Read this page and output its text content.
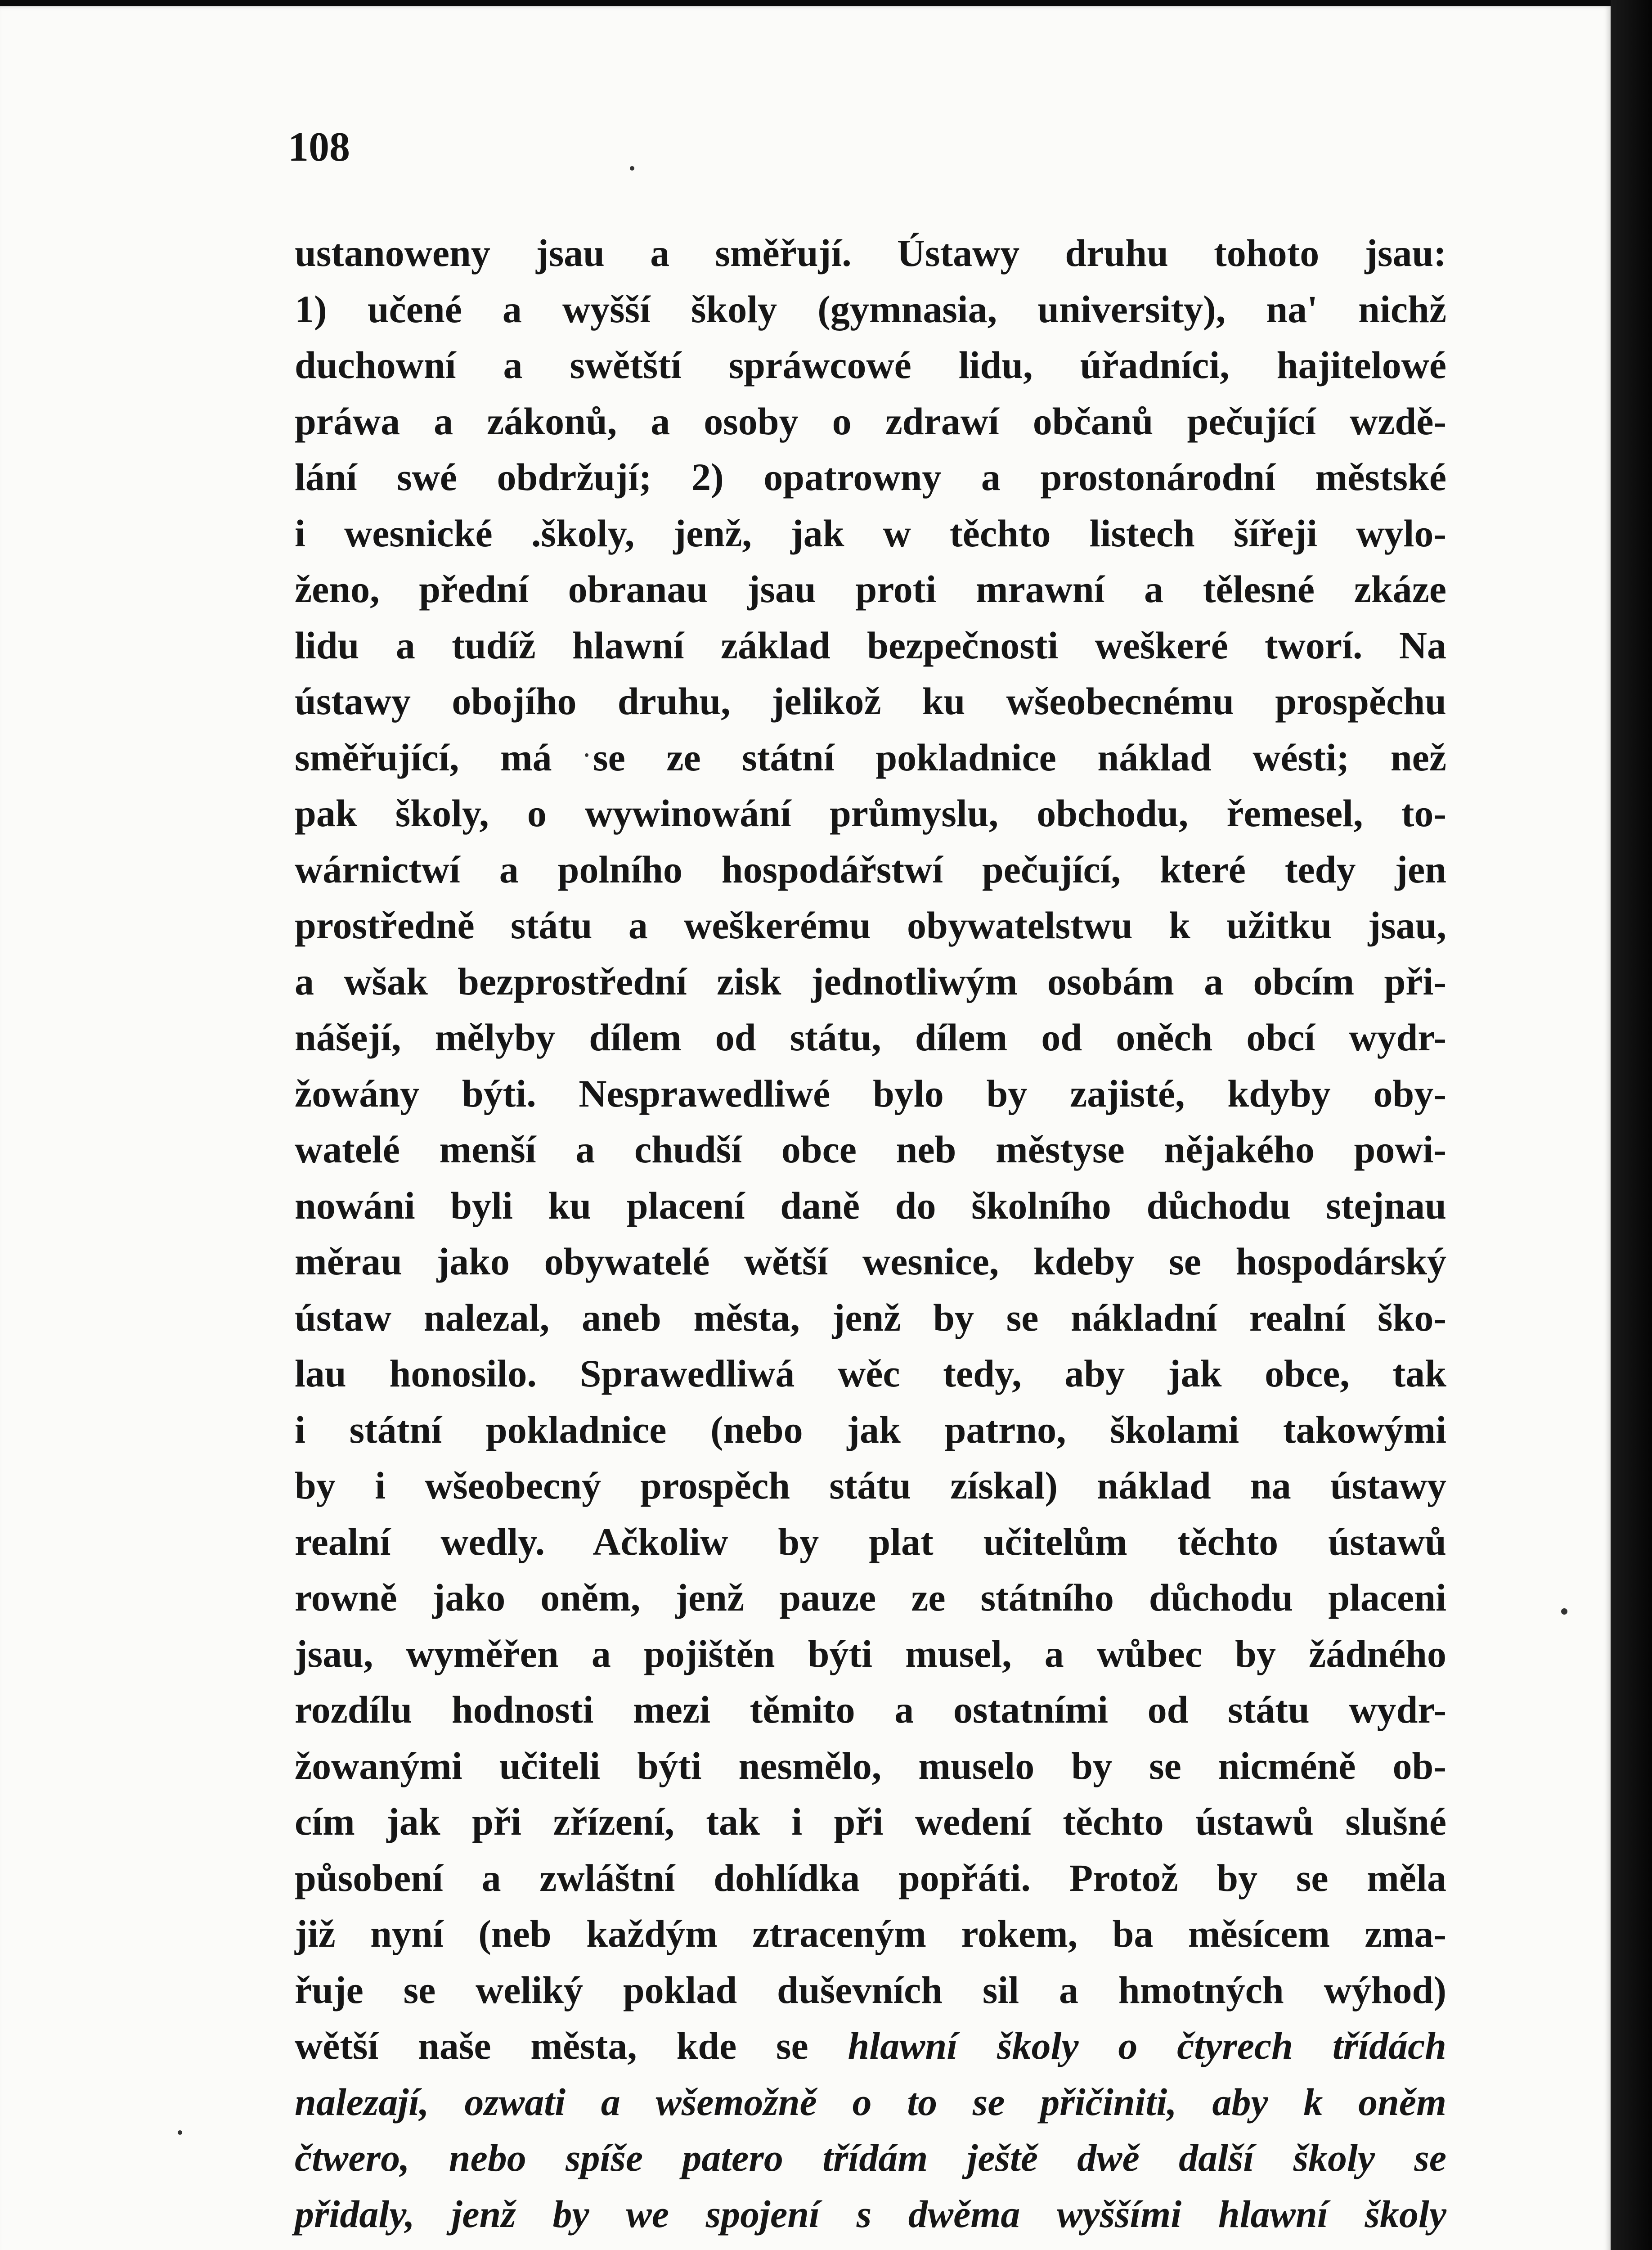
108
ustanoweny jsau a směřují. Ústawy druhu tohoto jsau:
1) učené a wyšší školy (gymnasia, university), na' nichž
duchowní a swětští spráwcowé lidu, úřadníci, hajitelowé
práwa a zákonů, a osoby o zdrawí občanů pečující wzdě-
lání swé obdržují; 2) opatrowny a prostonárodní městské
i wesnické .školy, jenž, jak w těchto listech šířeji wylo-
ženo, přední obranau jsau proti mrawní a tělesné zkáze
lidu a tudíž hlawní základ bezpečnosti weškeré tworí. Na
ústawy obojího druhu, jelikož ku wšeobecnému prospěchu
směřující, má se ze státní pokladnice náklad wésti; než
pak školy, o wywinowání průmyslu, obchodu, řemesel, to-
wárnictwí a polního hospodářstwí pečující, které tedy jen
prostředně státu a weškerému obywatelstwu k užitku jsau,
a wšak bezprostřední zisk jednotliwým osobám a obcím při-
nášejí, mělyby dílem od státu, dílem od oněch obcí wydr-
žowány býti. Nesprawedliwé bylo by zajisté, kdyby oby-
watelé menší a chudší obce neb městyse nějakého powi-
nowáni byli ku placení daně do školního důchodu stejnau
měrau jako obywatelé wětší wesnice, kdeby se hospodárský
ústaw nalezal, aneb města, jenž by se nákladní realní ško-
lau honosilo. Sprawedliwá wěc tedy, aby jak obce, tak
i státní pokladnice (nebo jak patrno, školami takowými
by i wšeobecný prospěch státu získal) náklad na ústawy
realní wedly. Ačkoliw by plat učitelům těchto ústawů
rowně jako oněm, jenž pauze ze státního důchodu placeni
jsau, wyměřen a pojištěn býti musel, a wůbec by žádného
rozdílu hodnosti mezi těmito a ostatními od státu wydr-
žowanými učiteli býti nesmělo, muselo by se nicméně ob-
cím jak při zřízení, tak i při wedení těchto ústawů slušné
působení a zwláštní dohlídka popřáti. Protož by se měla
již nyní (neb každým ztraceným rokem, ba měsícem zma-
řuje se weliký poklad duševních sil a hmotných wýhod)
wětší naše města, kde se hlawní školy o čtyrech třídách
nalezají, ozwati a wšemožně o to se přičiniti, aby k oněm
čtwero, nebo spíše patero třídám ještě dwě další školy se
přidaly, jenž by we spojení s dwěma wyššími hlawní školy
